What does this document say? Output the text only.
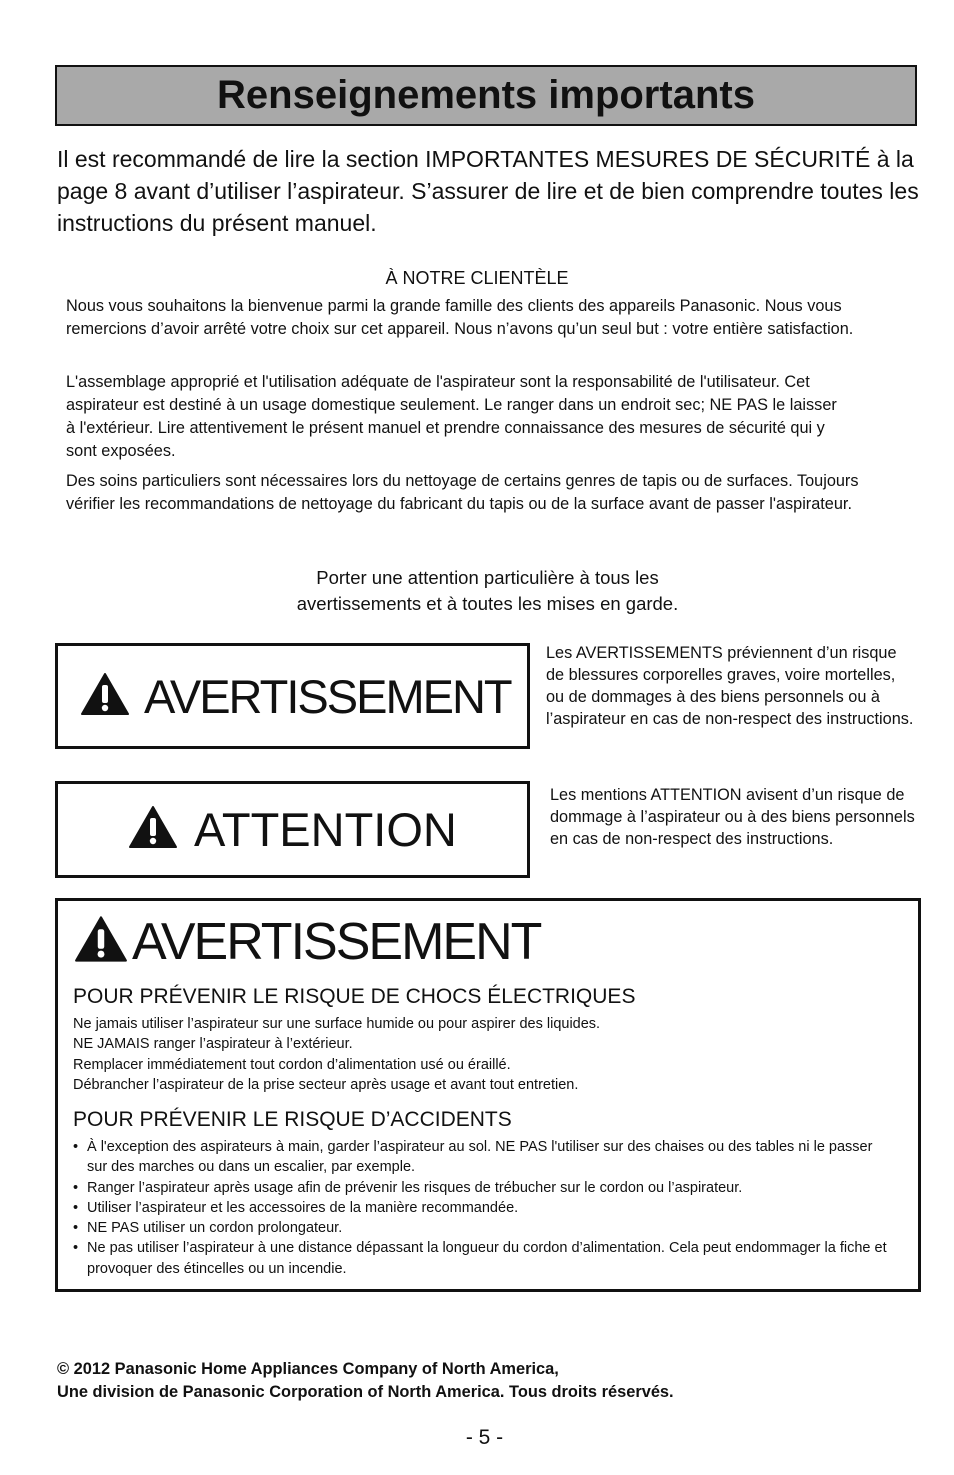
Renseignements importants
Il est recommandé de lire la section IMPORTANTES MESURES DE SÉCURITÉ à la page 8 avant d’utiliser l’aspirateur. S’assurer de lire et de bien comprendre toutes les instructions du présent manuel.
À NOTRE CLIENTÈLE
Nous vous souhaitons la bienvenue parmi la grande famille des clients des appareils Panasonic. Nous vous remercions d’avoir arrêté votre choix sur cet appareil. Nous n’avons qu’un seul but : votre entière satisfaction.
L'assemblage approprié et l'utilisation adéquate de l'aspirateur sont la responsabilité de l'utilisateur. Cet aspirateur est destiné à un usage domestique seulement. Le ranger dans un endroit sec; NE PAS le laisser à l'extérieur. Lire attentivement le présent manuel et prendre connaissance des mesures de sécurité qui y sont exposées.
Des soins particuliers sont nécessaires lors du nettoyage de certains genres de tapis ou de surfaces. Toujours vérifier les recommandations de nettoyage du fabricant du tapis ou de la surface avant de passer l'aspirateur.
Porter une attention particulière à tous les
avertissements et à toutes les mises en garde.
AVERTISSEMENT
Les AVERTISSEMENTS préviennent d’un risque de blessures corporelles graves, voire mortelles, ou de dommages à des biens personnels ou à l’aspirateur en cas de non-respect des instructions.
ATTENTION
Les mentions ATTENTION avisent d’un risque de dommage à l’aspirateur ou à des biens personnels en cas de non-respect des instructions.
AVERTISSEMENT
POUR PRÉVENIR LE RISQUE DE CHOCS ÉLECTRIQUES
Ne jamais utiliser l’aspirateur sur une surface humide ou pour aspirer des liquides.
NE JAMAIS ranger l’aspirateur à l’extérieur.
Remplacer immédiatement tout cordon d’alimentation usé ou éraillé.
Débrancher l’aspirateur de la prise secteur après usage et avant tout entretien.
POUR PRÉVENIR LE RISQUE D’ACCIDENTS
• À l'exception des aspirateurs à main, garder l’aspirateur au sol. NE PAS l'utiliser sur des chaises ou des tables ni le passer sur des marches ou dans un escalier, par exemple.
• Ranger l’aspirateur après usage afin de prévenir les risques de trébucher sur le cordon ou l’aspirateur.
• Utiliser l’aspirateur et les accessoires de la manière recommandée.
• NE PAS utiliser un cordon prolongateur.
• Ne pas utiliser l’aspirateur à une distance dépassant la longueur du cordon d’alimentation. Cela peut endommager la fiche et provoquer des étincelles ou un incendie.
© 2012 Panasonic Home Appliances Company of North America,
Une division de Panasonic Corporation of North America. Tous droits réservés.
- 5 -
